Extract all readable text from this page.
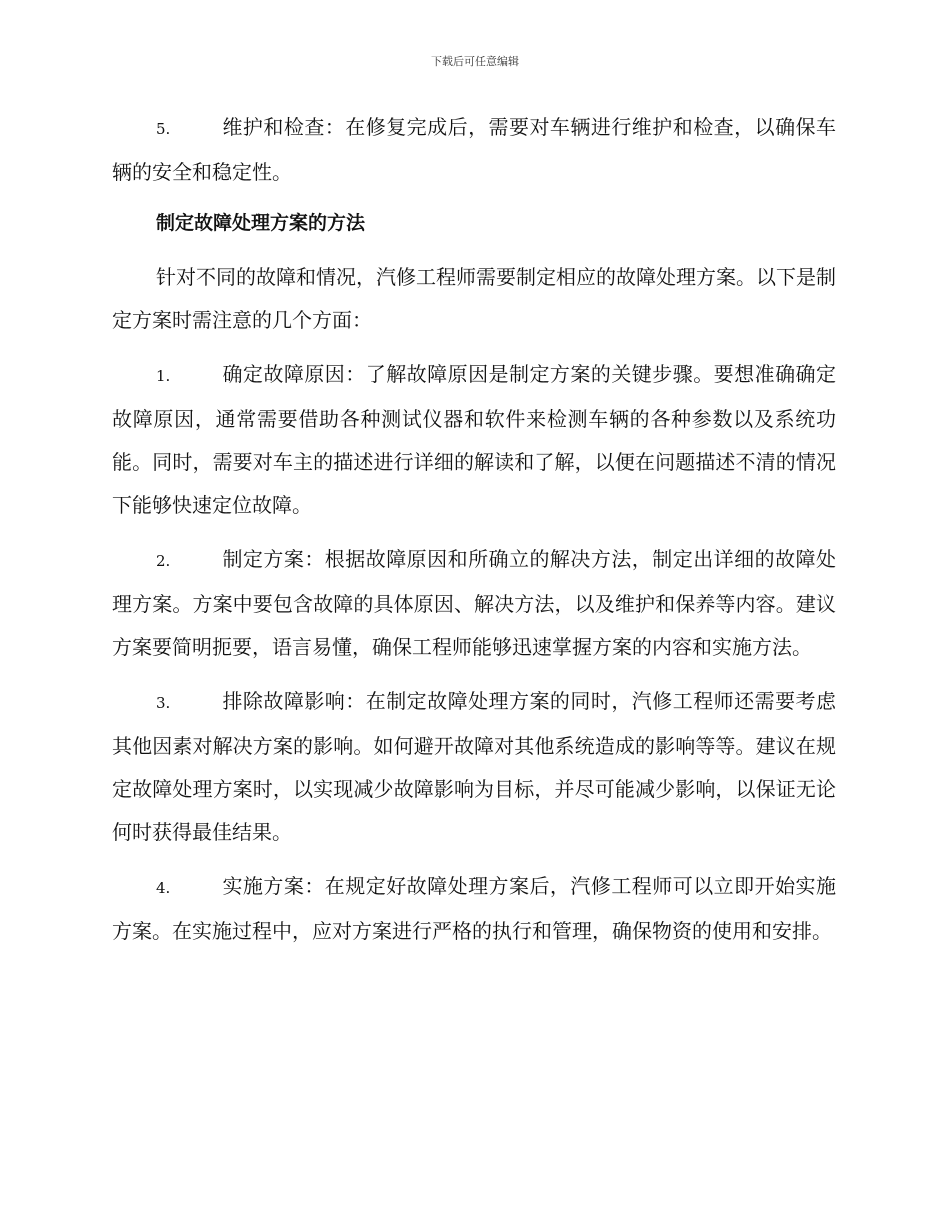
下载后可任意编辑

5.	维护和检查：在修复完成后，需要对车辆进行维护和检查，以确保车辆的安全和稳定性。

制定故障处理方案的方法

针对不同的故障和情况，汽修工程师需要制定相应的故障处理方案。以下是制定方案时需注意的几个方面：

1.	确定故障原因：了解故障原因是制定方案的关键步骤。要想准确确定故障原因，通常需要借助各种测试仪器和软件来检测车辆的各种参数以及系统功能。同时，需要对车主的描述进行详细的解读和了解，以便在问题描述不清的情况下能够快速定位故障。

2.	制定方案：根据故障原因和所确立的解决方法，制定出详细的故障处理方案。方案中要包含故障的具体原因、解决方法，以及维护和保养等内容。建议方案要简明扼要，语言易懂，确保工程师能够迅速掌握方案的内容和实施方法。

3.	排除故障影响：在制定故障处理方案的同时，汽修工程师还需要考虑其他因素对解决方案的影响。如何避开故障对其他系统造成的影响等等。建议在规定故障处理方案时，以实现减少故障影响为目标，并尽可能减少影响，以保证无论何时获得最佳结果。

4.	实施方案：在规定好故障处理方案后，汽修工程师可以立即开始实施方案。在实施过程中，应对方案进行严格的执行和管理，确保物资的使用和安排。
